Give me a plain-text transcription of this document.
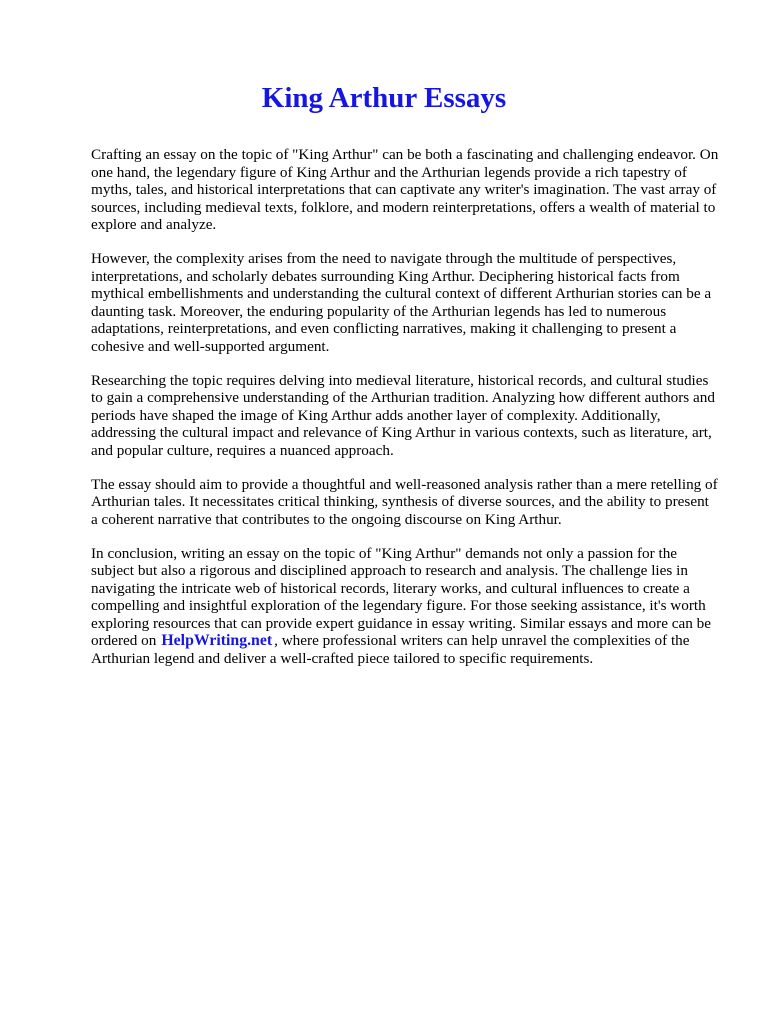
King Arthur Essays

Crafting an essay on the topic of "King Arthur" can be both a fascinating and challenging endeavor. On one hand, the legendary figure of King Arthur and the Arthurian legends provide a rich tapestry of myths, tales, and historical interpretations that can captivate any writer's imagination. The vast array of sources, including medieval texts, folklore, and modern reinterpretations, offers a wealth of material to explore and analyze.

However, the complexity arises from the need to navigate through the multitude of perspectives, interpretations, and scholarly debates surrounding King Arthur. Deciphering historical facts from mythical embellishments and understanding the cultural context of different Arthurian stories can be a daunting task. Moreover, the enduring popularity of the Arthurian legends has led to numerous adaptations, reinterpretations, and even conflicting narratives, making it challenging to present a cohesive and well-supported argument.

Researching the topic requires delving into medieval literature, historical records, and cultural studies to gain a comprehensive understanding of the Arthurian tradition. Analyzing how different authors and periods have shaped the image of King Arthur adds another layer of complexity. Additionally, addressing the cultural impact and relevance of King Arthur in various contexts, such as literature, art, and popular culture, requires a nuanced approach.

The essay should aim to provide a thoughtful and well-reasoned analysis rather than a mere retelling of Arthurian tales. It necessitates critical thinking, synthesis of diverse sources, and the ability to present a coherent narrative that contributes to the ongoing discourse on King Arthur.

In conclusion, writing an essay on the topic of "King Arthur" demands not only a passion for the subject but also a rigorous and disciplined approach to research and analysis. The challenge lies in navigating the intricate web of historical records, literary works, and cultural influences to create a compelling and insightful exploration of the legendary figure. For those seeking assistance, it's worth exploring resources that can provide expert guidance in essay writing. Similar essays and more can be ordered on HelpWriting.net , where professional writers can help unravel the complexities of the Arthurian legend and deliver a well-crafted piece tailored to specific requirements.
